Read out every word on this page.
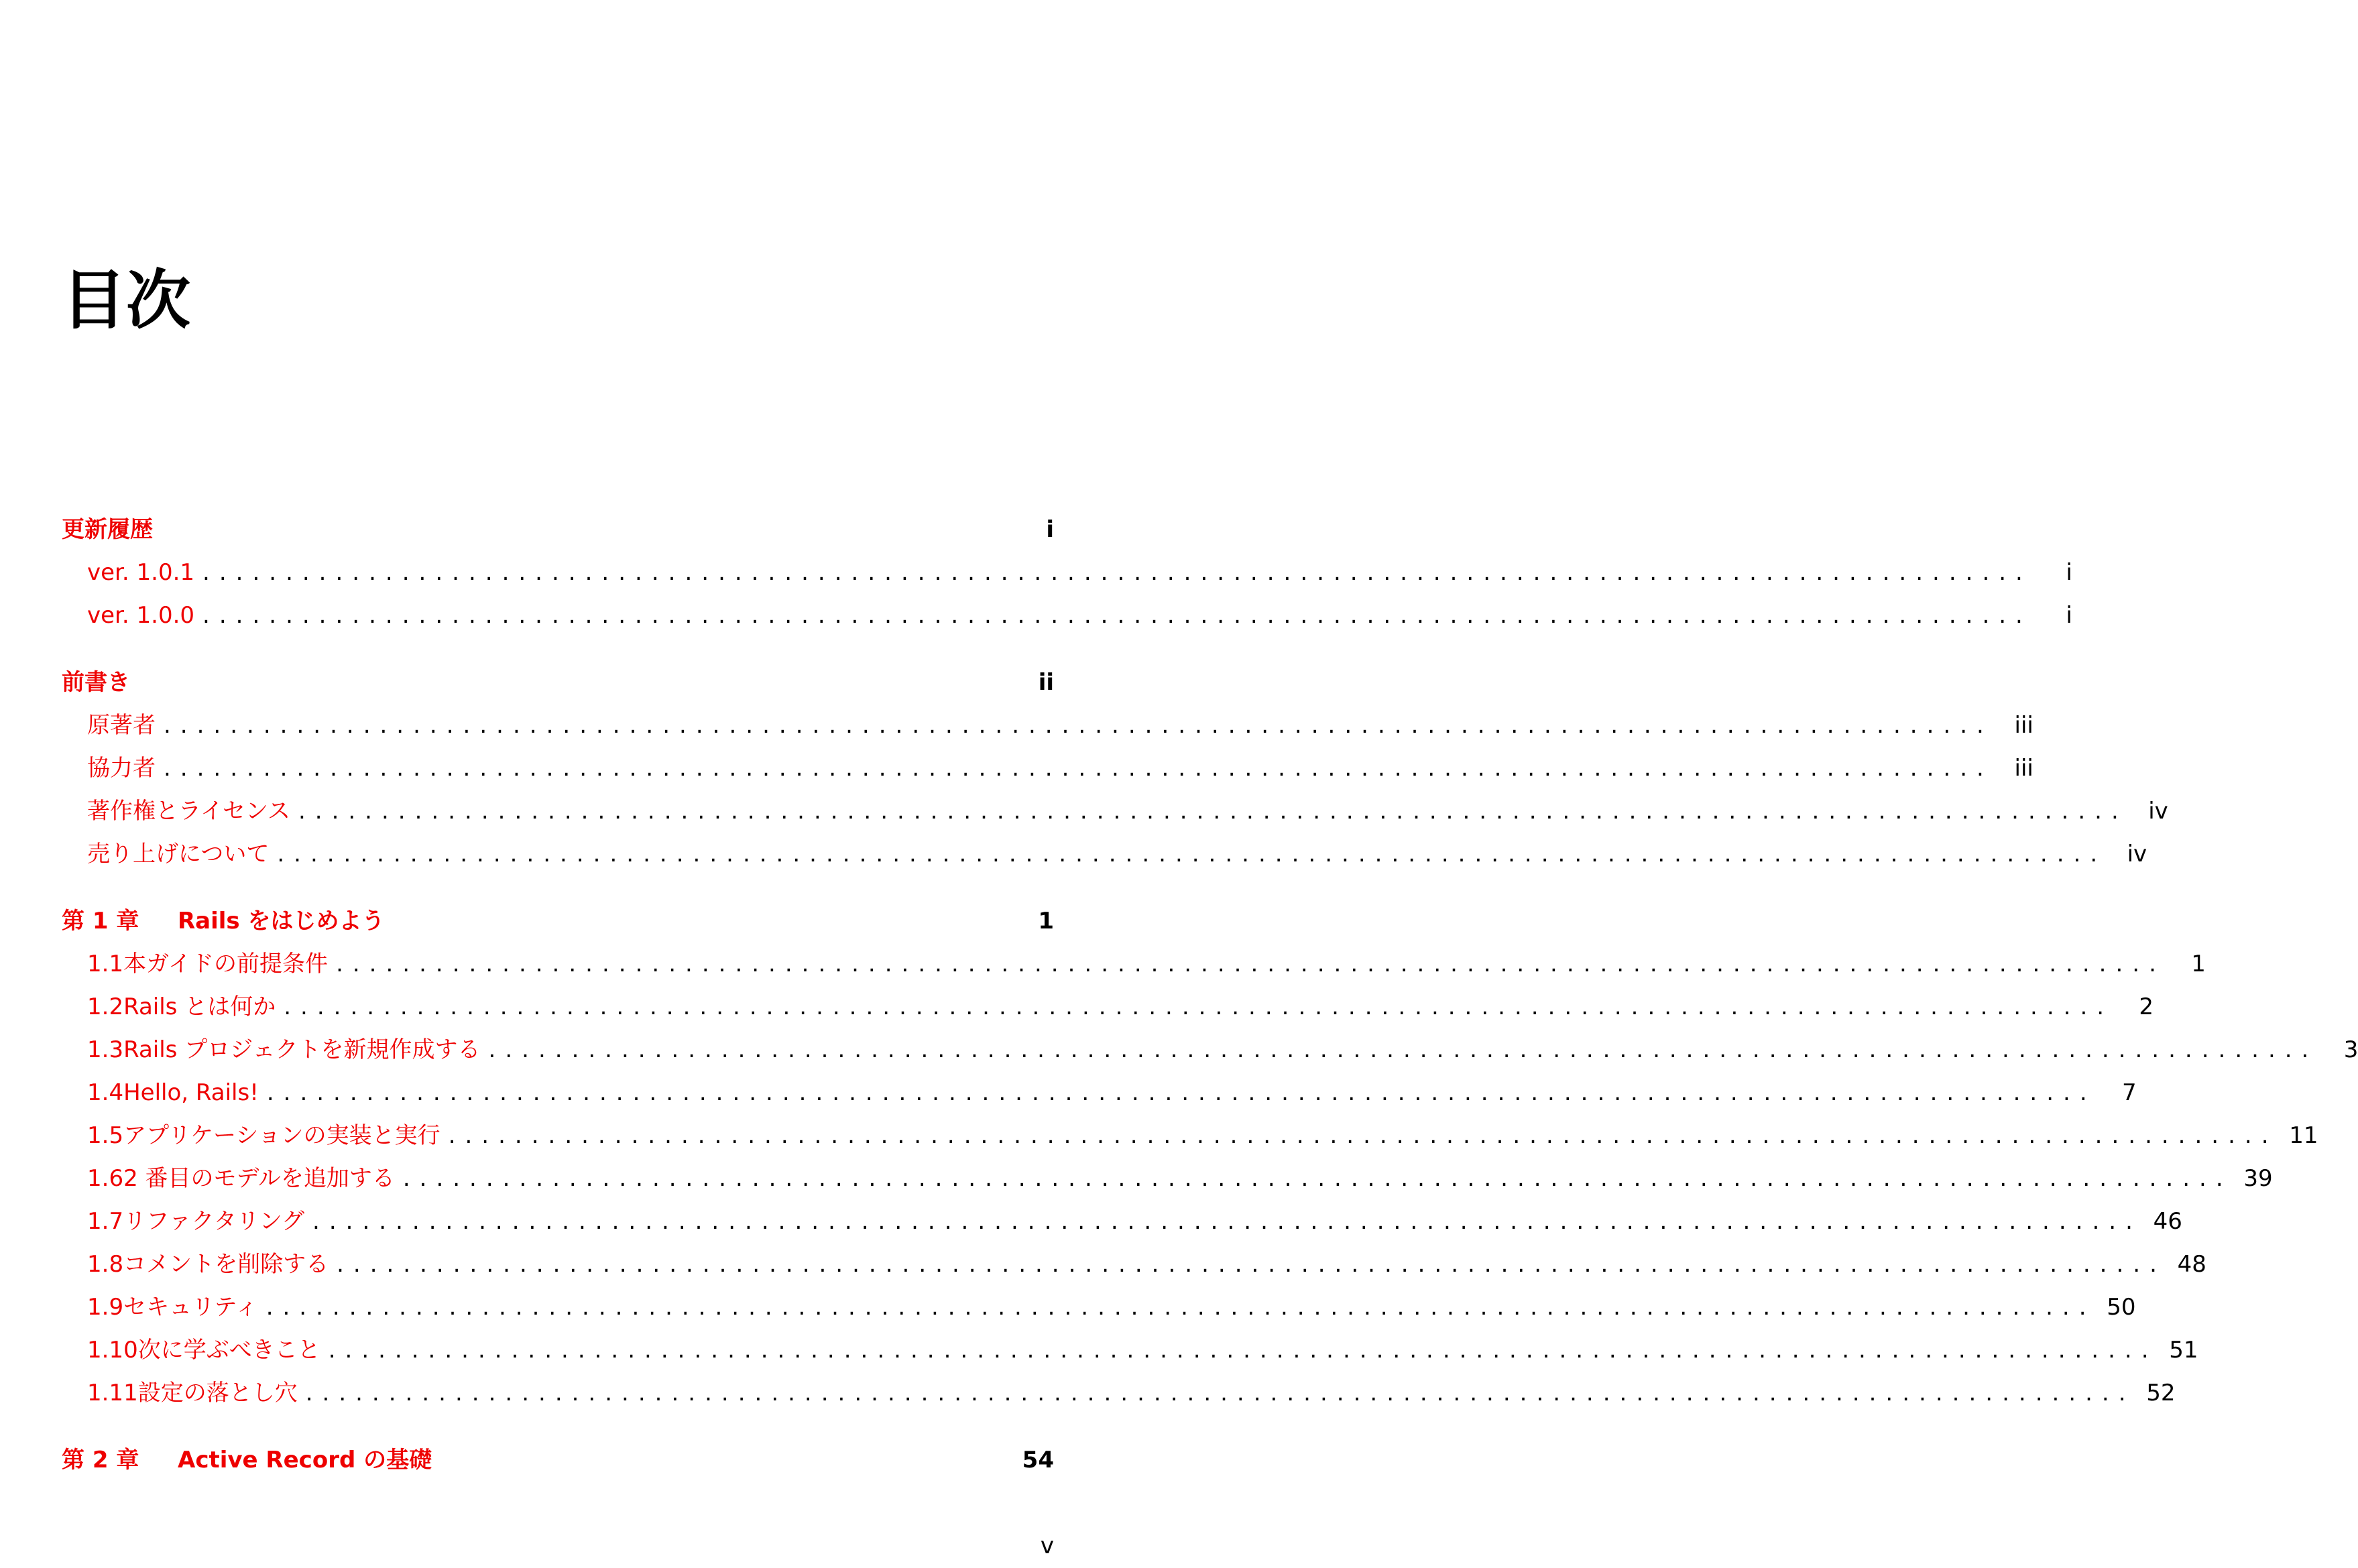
目次
更新履歴	i
ver. 1.0.1 ..............................................................................................................	i
ver. 1.0.0 ..............................................................................................................	i
前書き	ii
原著者 .............................................................................................................. iii
協力者 .............................................................................................................. iii
著作権とライセンス .............................................................................................................. iv
売り上げについて .............................................................................................................. iv
第 1 章	Rails をはじめよう	1
1.1 本ガイドの前提条件 ..............................................................................................................	1
1.2 Rails とは何か ..............................................................................................................	2
1.3 Rails プロジェクトを新規作成する ..............................................................................................................	3
1.4 Hello, Rails! ..............................................................................................................	7
1.5 アプリケーションの実装と実行 .............................................................................................................. 11
1.6 2 番目のモデルを追加する .............................................................................................................. 39
1.7 リファクタリング .............................................................................................................. 46
1.8 コメントを削除する .............................................................................................................. 48
1.9 セキュリティ .............................................................................................................. 50
1.10 次に学ぶべきこと .............................................................................................................. 51
1.11 設定の落とし穴 .............................................................................................................. 52
第 2 章	Active Record の基礎	54
v
